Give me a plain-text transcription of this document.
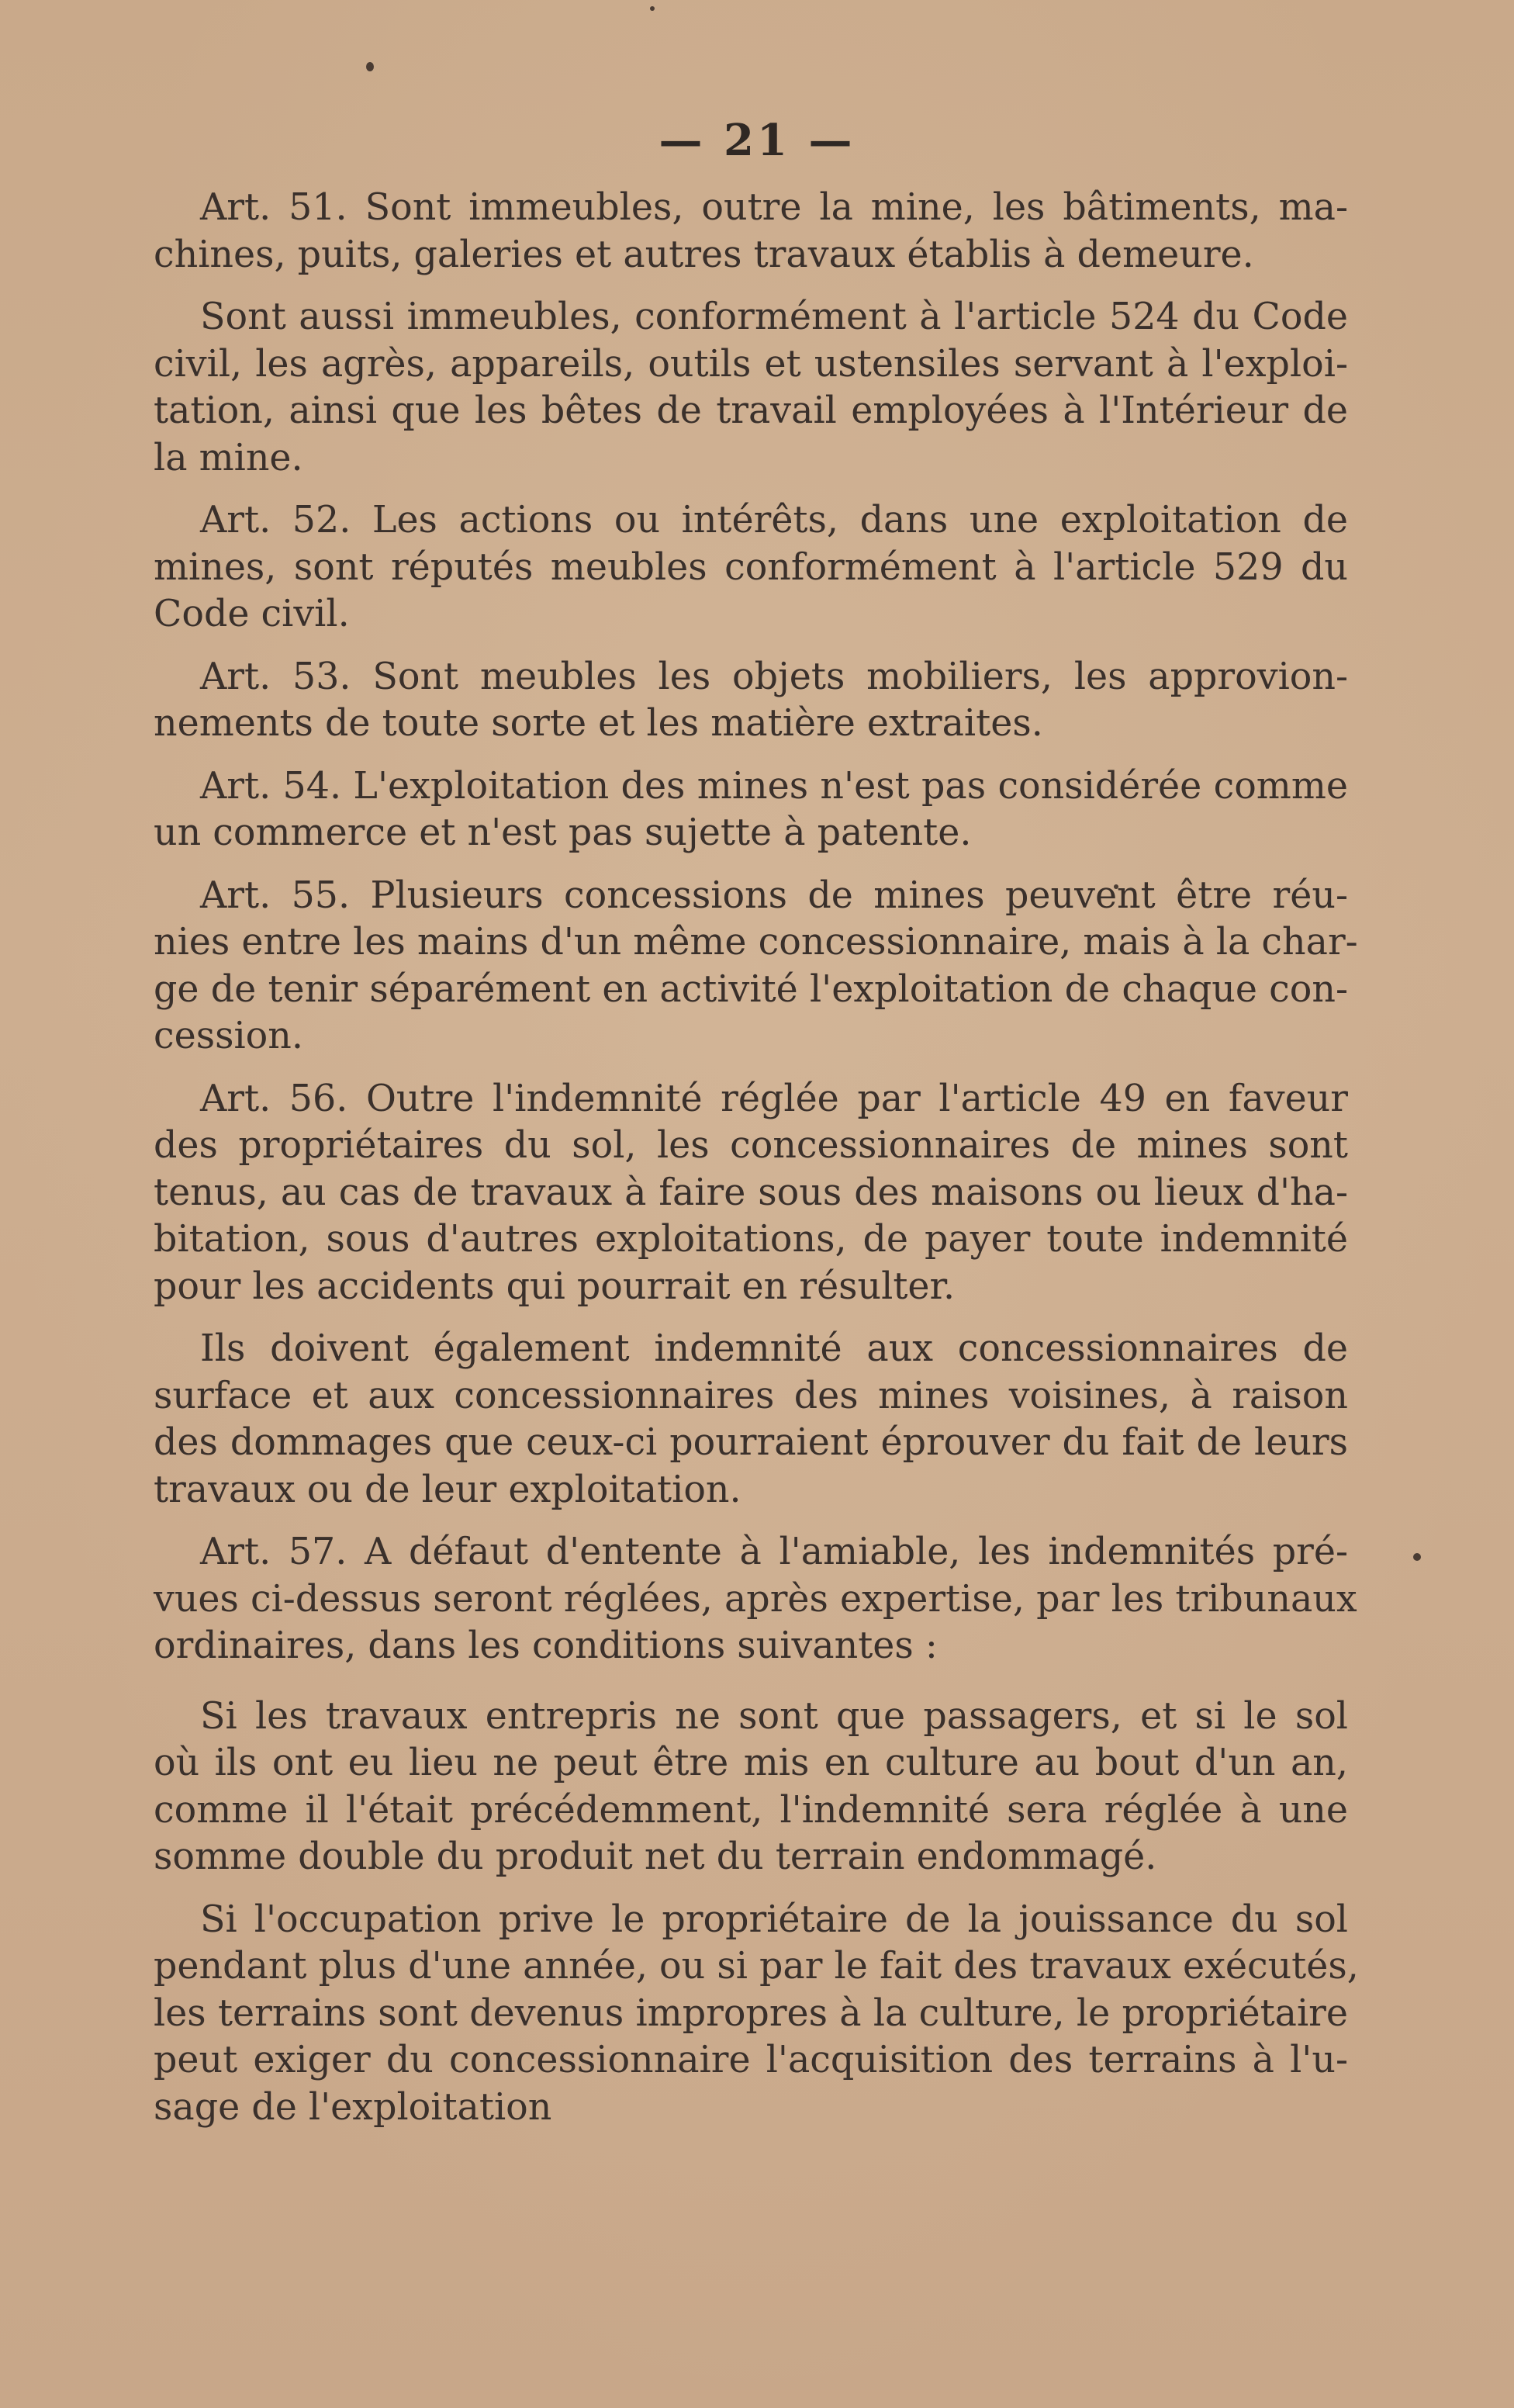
— 21 —

Art. 51. Sont immeubles, outre la mine, les bâtiments, ma-
chines, puits, galeries et autres travaux établis à demeure.

Sont aussi immeubles, conformément à l'article 524 du Code
civil, les agrès, appareils, outils et ustensiles servant à l'exploi-
tation, ainsi que les bêtes de travail employées à l'Intérieur de
la mine.

Art. 52. Les actions ou intérêts, dans une exploitation de
mines, sont réputés meubles conformément à l'article 529 du
Code civil.

Art. 53. Sont meubles les objets mobiliers, les approvion-
nements de toute sorte et les matière extraites.

Art. 54. L'exploitation des mines n'est pas considérée comme
un commerce et n'est pas sujette à patente.

Art. 55. Plusieurs concessions de mines peuvent être réu-
nies entre les mains d'un même concessionnaire, mais à la char-
ge de tenir séparément en activité l'exploitation de chaque con-
cession.

Art. 56. Outre l'indemnité réglée par l'article 49 en faveur
des propriétaires du sol, les concessionnaires de mines sont
tenus, au cas de travaux à faire sous des maisons ou lieux d'ha-
bitation, sous d'autres exploitations, de payer toute indemnité
pour les accidents qui pourrait en résulter.

Ils doivent également indemnité aux concessionnaires de
surface et aux concessionnaires des mines voisines, à raison
des dommages que ceux-ci pourraient éprouver du fait de leurs
travaux ou de leur exploitation.

Art. 57. A défaut d'entente à l'amiable, les indemnités pré-
vues ci-dessus seront réglées, après expertise, par les tribunaux
ordinaires, dans les conditions suivantes :

Si les travaux entrepris ne sont que passagers, et si le sol
où ils ont eu lieu ne peut être mis en culture au bout d'un an,
comme il l'était précédemment, l'indemnité sera réglée à une
somme double du produit net du terrain endommagé.

Si l'occupation prive le propriétaire de la jouissance du sol
pendant plus d'une année, ou si par le fait des travaux exécutés,
les terrains sont devenus impropres à la culture, le propriétaire
peut exiger du concessionnaire l'acquisition des terrains à l'u-
sage de l'exploitation
